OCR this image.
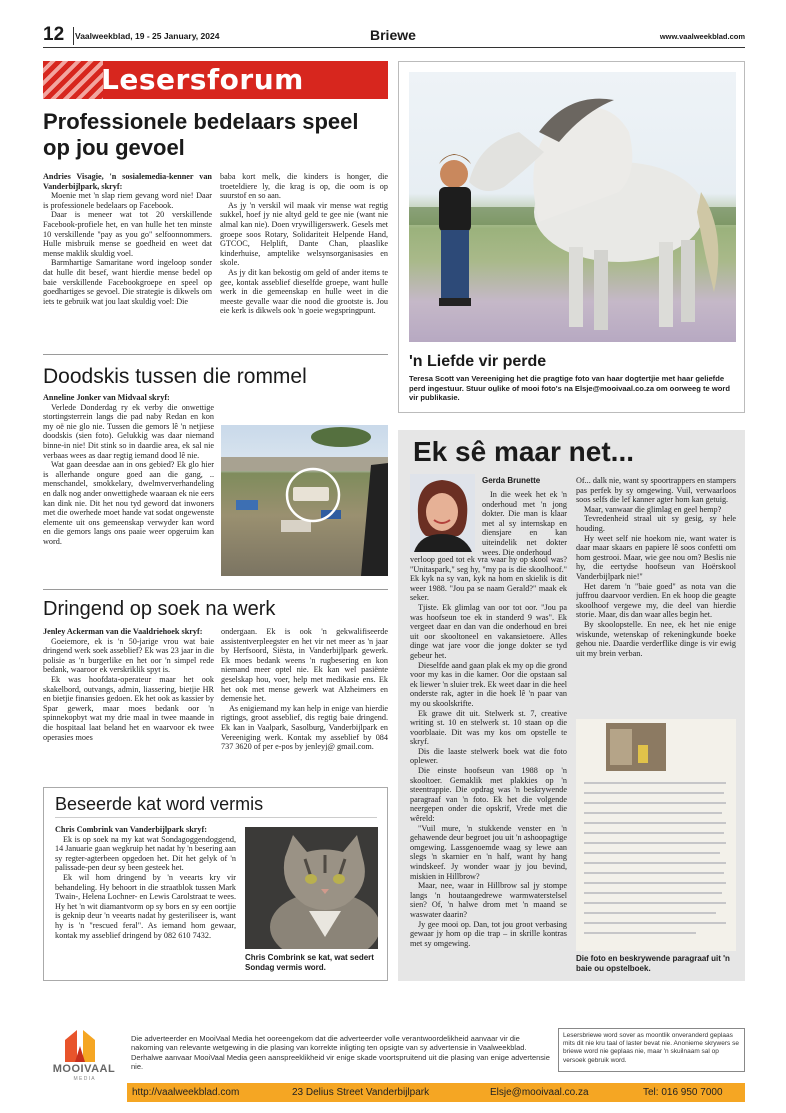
12 Vaalweekblad, 19 - 25 January, 2024	Briewe	www.vaalweekblad.com
Lesersforum
Professionele bedelaars speel op jou gevoel

Andries Visagie, 'n sosialemedia-kenner van Vanderbijlpark, skryf:

Moenie met 'n slap riem gevang word nie! Daar is professionele bedelaars op Facebook.

Daar is meneer wat tot 20 verskillende Facebook-profiele het, en van hulle het ten minste 10 verskillende "pay as you go" selfoonnommers. Hulle misbruik mense se goedheid en weet dat mense maklik skuldig voel.

Barmhartige Samaritane word ingeloop sonder dat hulle dit besef, want hierdie mense bedel op baie verskillende Facebookgroepe en speel op goedhartiges se gevoel. Die strategie is dikwels om iets te gebruik wat jou laat skuldig voel: Die

baba kort melk, die kinders is honger, die troeteldiere ly, die krag is op, die oom is op suurstof en so aan.

As jy 'n verskil wil maak vir mense wat regtig sukkel, hoef jy nie altyd geld te gee nie (want nie almal kan nie). Doen vrywilligerswerk. Gesels met groepe soos Rotary, Solidariteit Helpende Hand, GTCOC, Helplift, Dante Chan, plaaslike kinderhuise, amptelike welsynsorganisasies en skole.

As jy dit kan bekostig om geld of ander items te gee, kontak asseblief dieselfde groepe, want hulle werk in die gemeenskap en hulle weet in die meeste gevalle waar die nood die grootste is. Jou eie kerk is dikwels ook 'n goeie wegspringpunt.

'n Liefde vir perde
Teresa Scott van Vereeniging het die pragtige foto van haar dogtertjie met haar geliefde perd ingestuur. Stuur ou̲like of mooi foto's na Elsje@mooivaal.co.za om oorweeg te word vir publikasie.
Doodskis tussen die rommel

Anneline Jonker van Midvaal skryf:

Verlede Donderdag ry ek verby die onwettige stortingsterrein langs die pad naby Redan en kon my oë nie glo nie. Tussen die gemors lê 'n netjiese doodskis (sien foto). Gelukkig was daar niemand binne-in nie! Dit stink so in daardie area, ek sal nie verbaas wees as daar regtig iemand dood lê nie.

Wat gaan deesdae aan in ons gebied? Ek glo hier is allerhande ongure goed aan die gang, .. menschandel, smokkelary, dwelmververhandeling en dalk nog ander onwettighede waaraan ek nie eers kan dink nie. Dit het nou tyd geword dat inwoners met die owerhede moet hande vat sodat ongewenste elemente uit ons gemeenskap verwyder kan word en die gemors langs ons paaie weer opgeruim kan word.

Dringend op soek na werk

Jenley Ackerman van die Vaaldriehoek skryf:

Goeiemore, ek is 'n 50-jarige vrou wat baie dringend werk soek asseblief? Ek was 23 jaar in die polisie as 'n burgerlike en het oor 'n simpel rede bedank, waaroor ek verskriklik spyt is.

Ek was hoofdata-operateur maar het ook skakelbord, outvangs, admin, liassering, bietjie HR en bietjie finansies gedoen. Ek het ook as kassier by Spar gewerk, maar moes bedank oor 'n spinnekopbyt wat my drie maal in twee maande in die hospitaal laat beland het en waarvoor ek twee operasies moes

ondergaan. Ek is ook 'n gekwalifiseerde assistentverpleegster en het vir net meer as 'n jaar by Herfsoord, Siësta, in Vanderbijlpark gewerk. Ek moes bedank weens 'n rugbesering en kon niemand meer optel nie. Ek kan wel pasiënte geselskap hou, voer, help met medikasie ens. Ek het ook met mense gewerk wat Alzheimers en demensie het.

As enigiemand my kan help in enige van hierdie rigtings, groot asseblief, dis regtig baie dringend. Ek kan in Vaalpark, Sasolburg, Vanderbijlpark en Vereeniging werk. Kontak my asseblief by 084 737 3620 of per e-pos by jenleyj@ gmail.com.

Beseerde kat word vermis

Chris Combrink van Vanderbijlpark skryf:

Ek is op soek na my kat wat Sondagoggendoggend, 14 Januarie gaan wegkruip het nadat hy 'n besering aan sy regter-agterbeen opgedoen het. Dit het gelyk of 'n palissade-pen deur sy been gesteek het.

Ek wil hom dringend by 'n veearts kry vir behandeling. Hy behoort in die straatblok tussen Mark Twain-, Helena Lochner- en Lewis Carolstraat te wees. Hy het 'n wit diamantvorm op sy bors en sy een oortjie is geknip deur 'n veearts nadat hy gesteriliseer is, want hy is 'n "rescued feral". As iemand hom gewaar, kontak my asseblief dringend by 082 610 7432.

Chris Combrink se kat, wat sedert Sondag vermis word.
Ek sê maar net...
Gerda Brunette

In die week het ek 'n onderhoud met 'n jong dokter. Die man is klaar met al sy internskap en diensjare en kan uiteindelik net dokter wees. Die onderhoud

verloop goed tot ek vra waar hy op skool was? "Unitaspark," seg hy, "my pa is die skoolhoof." Ek kyk na sy van, kyk na hom en skielik is dit weer 1988. "Jou pa se naam Gerald?" maak ek seker.

Tjiste. Ek glimlag van oor tot oor. "Jou pa was hoofseun toe ek in standerd 9 was". Ek vergeet daar en dan van die onderhoud en brei uit oor skooltoneel en vakansietoere. Alles dinge wat jare voor die jonge dokter se tyd gebeur het.

Dieselfde aand gaan plak ek my op die grond voor my kas in die kamer. Oor die opstaan sal ek liewer 'n sluier trek. Ek weet daar in die heel onderste rak, agter in die hoek lê 'n paar van my ou skoolskrifte.

Ek grawe dit uit. Stelwerk st. 7, creative writing st. 10 en stelwerk st. 10 staan op die voorblaaie. Dit was my kos om opstelle te skryf.

Dis die laaste stelwerk boek wat die foto oplewer.

Die einste hoofseun van 1988 op 'n skooltoer. Gemaklik met plakkies op 'n steentrappie. Die opdrag was 'n beskrywende paragraaf van 'n foto. Ek het die volgende neergepen onder die opskrif, Vrede met die wêreld:

"Vuil mure, 'n stukkende venster en 'n gehawende deur begroet jou uit 'n ashoopagtige omgewing. Lassgenoemde waag sy lewe aan slegs 'n skarnier en 'n half, want hy hang windskeef. Jy wonder waar jy jou bevind, miskien in Hillbrow?

Maar, nee, waar in Hillbrow sal jy stompe langs 'n houtaangedrewe warmwaterstelsel sien? Of, 'n halwe drom met 'n maand se waswater daarin?

Jy gee mooi op. Dan, tot jou groot verbasing gewaar jy hom op die trap – in skrille kontras met sy omgewing.

Of... dalk nie, want sy spoortrappers en stampers pas perfek by sy omgewing. Vuil, verwaarloos soos selfs die lef kanner agter hom kan getuig.

Maar, vanwaar die glimlag en geel hemp?

Tevredenheid straal uit sy gesig, sy hele houding.

Hy weet self nie hoekom nie, want water is daar maar skaars en papiere lê soos confetti om hom gestrooi. Maar, wie gee nou om? Beslis nie hy, die eertydse hoofseun van Hoërskool Vanderbijlpark nie!"

Het darem 'n "baie goed" as nota van die juffrou daarvoor verdien. En ek hoop die geagte skoolhoof vergewe my, die deel van hierdie storie. Maar, dis dan waar alles begin het.

By skoolopstelle. En nee, ek het nie enige wiskunde, wetenskap of rekeningkunde boeke gehou nie. Daardie verderflike dinge is vir ewig uit my brein verban.

Die foto en beskrywende paragraaf uit 'n baie ou opstelboek.
MOOIVAAL
M E D I A
Die adverteerder en MooiVaal Media het ooreengekom dat die adverteerder volle verantwoordelikheid aanvaar vir die nakoming van relevante wetgewing in die plasing van korrekte inligting ten opsigte van sy advertensie in Vaalweekblad. Derhalwe aanvaar MooiVaal Media geen aanspreeklikheid vir enige skade voortspruitend uit die plasing van enige advertensie nie.
Lesersbriewe word sover as moontlik onveranderd geplaas mits dit nie kru taal of laster bevat nie. Anonieme skrywers se briewe word nie geplaas nie, maar 'n skuilnaam sal op versoek gebruik word.
http://vaalweekblad.com	23 Delius Street Vanderbijlpark	Elsje@mooivaal.co.za	Tel: 016 950 7000
